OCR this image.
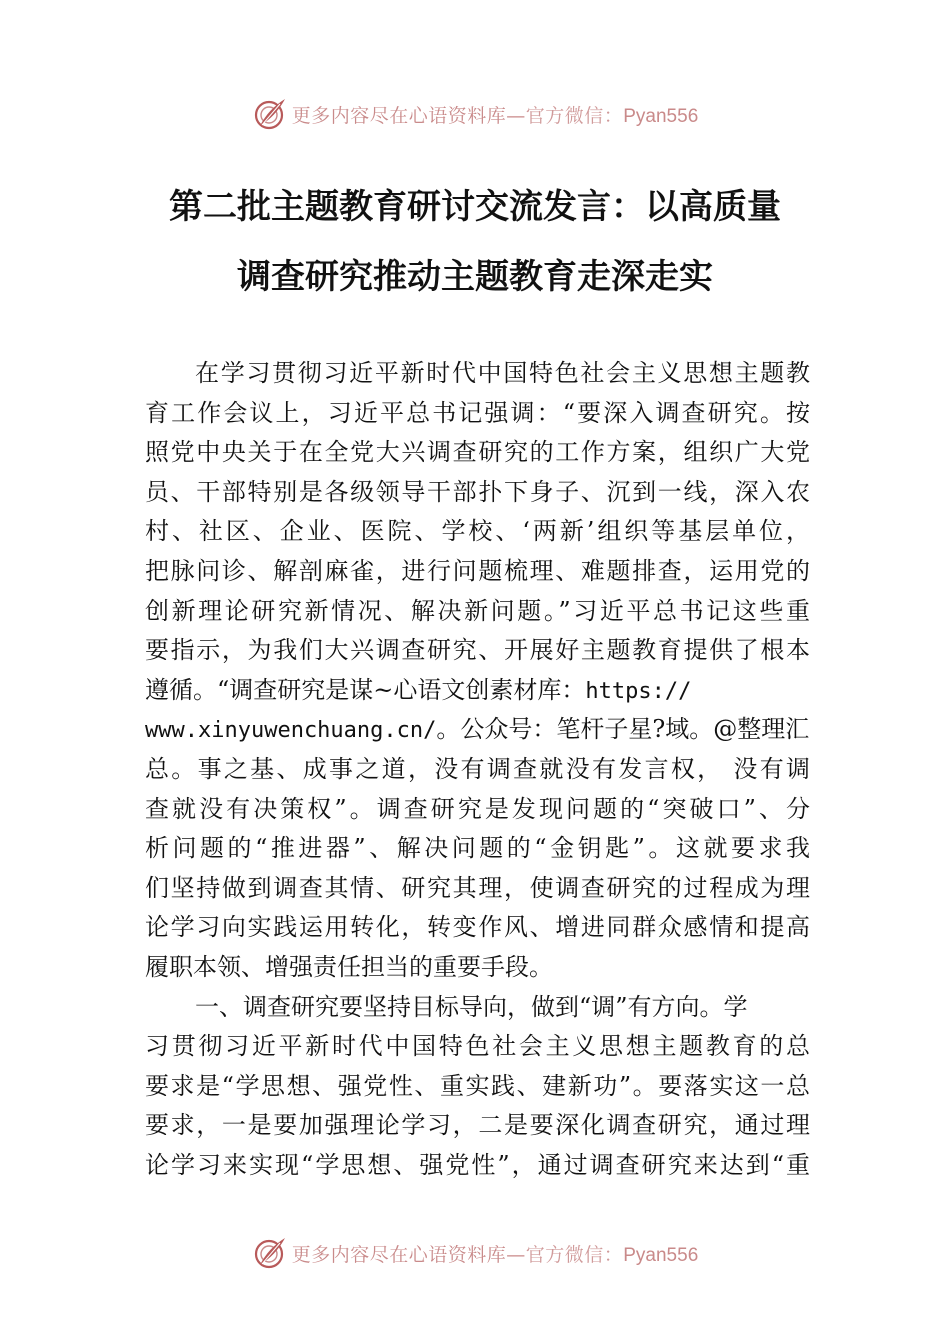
更多内容尽在心语资料库—官方微信：Pyan556
第二批主题教育研讨交流发言：以高质量
调查研究推动主题教育走深走实
在学习贯彻习近平新时代中国特色社会主义思想主题教
育工作会议上，习近平总书记强调：“要深入调查研究。按
照党中央关于在全党大兴调查研究的工作方案，组织广大党
员、干部特别是各级领导干部扑下身子、沉到一线，深入农
村、社区、企业、医院、学校、‘两新’组织等基层单位，
把脉问诊、解剖麻雀，进行问题梳理、难题排查，运用党的
创新理论研究新情况、解决新问题。”习近平总书记这些重
要指示，为我们大兴调查研究、开展好主题教育提供了根本
遵循。“调查研究是谋~心语文创素材库：https://
www.xinyuwenchuang.cn/。公众号：笔杆子星?域。@整理汇
总。事之基、成事之道，没有调查就没有发言权， 没有调
查就没有决策权”。调查研究是发现问题的“突破口”、分
析问题的“推进器”、解决问题的“金钥匙”。这就要求我
们坚持做到调查其情、研究其理，使调查研究的过程成为理
论学习向实践运用转化，转变作风、增进同群众感情和提高
履职本领、增强责任担当的重要手段。
一、调查研究要坚持目标导向，做到“调”有方向。学
习贯彻习近平新时代中国特色社会主义思想主题教育的总
要求是“学思想、强党性、重实践、建新功”。要落实这一总
要求，一是要加强理论学习，二是要深化调查研究，通过理
论学习来实现“学思想、强党性”，通过调查研究来达到“重
更多内容尽在心语资料库—官方微信：Pyan556
